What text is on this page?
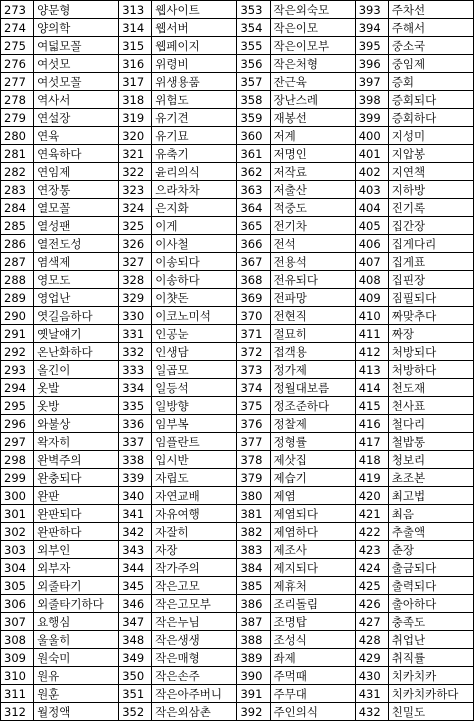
273	양문형	313	웹사이트	353	작은외숙모	393	주차선
274	양의학	314	웹서버	354	작은이모	394	주해서
275	여덟모꼴	315	웹페이지	355	작은이모부	395	중소국
276	여섯모	316	위령비	356	작은처형	396	중임제
277	여섯모꼴	317	위생용품	357	잔근육	397	증회
278	역사서	318	위험도	358	장난스레	398	증회되다
279	연설장	319	유기견	359	재봉선	399	증회하다
280	연육	320	유기묘	360	저계	400	지성미
281	연육하다	321	유축기	361	저명인	401	지압봉
282	연임제	322	윤리의식	362	저작료	402	지연책
283	연장통	323	으라차차	363	저출산	403	지하방
284	열모꼴	324	은지화	364	적중도	404	진기록
285	열성팬	325	이게	365	전기차	405	집간장
286	열전도성	326	이사철	366	전석	406	집게다리
287	염색제	327	이송되다	367	전용석	407	집게표
288	영모도	328	이송하다	368	전유되다	408	집핀장
289	영업난	329	이챳돈	369	전파망	409	짐필되다
290	엿길음하다	330	이코노미석	370	전현직	410	짜맞추다
291	옛날얘기	331	인공눈	371	절묘히	411	짜장
292	온난화하다	332	인생담	372	접객용	412	처방되다
293	올긴이	333	일곱모	373	정가제	413	처방하다
294	옷발	334	일등석	374	정월대보름	414	천도재
295	옷방	335	일방향	375	정조준하다	415	천사표
296	와불상	336	임부복	376	정찰제	416	철다리
297	왁자히	337	임플란트	377	정형률	417	철밥통
298	완벽주의	338	입시반	378	제삿집	418	청보리
299	완충되다	339	자립도	379	제습기	419	초조본
300	완판	340	자연교배	380	제염	420	최고법
301	완판되다	341	자유여행	381	제염되다	421	최음
302	완판하다	342	자잘히	382	제염하다	422	추출액
303	외부인	343	자장	383	제조사	423	춘장
304	외부자	344	작가주의	384	제지되다	424	출금되다
305	외줄타기	345	작은고모	385	제휴처	425	출력되다
306	외줄타기하다	346	작은고모부	386	조리돌림	426	출아하다
307	요행심	347	작은누님	387	조명탑	427	충족도
308	울울히	348	작은생생	388	조성식	428	취업난
309	원숙미	349	작은매형	389	좌제	429	취직률
310	원유	350	작은손주	390	주먹때	430	치카치카
311	원훈	351	작은아주버니	391	주무대	431	치카치카하다
312	월정액	352	작은외삼촌	392	주인의식	432	친밀도
